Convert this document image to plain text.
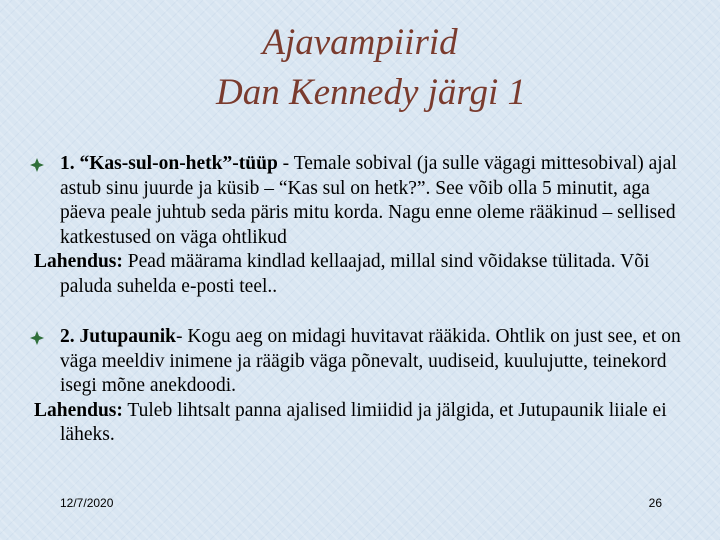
Ajavampiirid
Dan Kennedy järgi 1

1. “Kas-sul-on-hetk”-tüüp - Temale sobival (ja sulle vägagi mittesobival) ajal astub sinu juurde ja küsib – “Kas sul on hetk?”. See võib olla 5 minutit, aga päeva peale juhtub seda päris mitu korda. Nagu enne oleme rääkinud – sellised katkestused on väga ohtlikud

Lahendus: Pead määrama kindlad kellaajad, millal sind võidakse tülitada. Või paluda suhelda e-posti teel..

2. Jutupaunik- Kogu aeg on midagi huvitavat rääkida. Ohtlik on just see, et on väga meeldiv inimene ja räägib väga põnevalt, uudiseid, kuulujutte, teinekord isegi mõne anekdoodi.

Lahendus: Tuleb lihtsalt panna ajalised limiidid ja jälgida, et Jutupaunik liiale ei läheks.

12/7/2020	26
